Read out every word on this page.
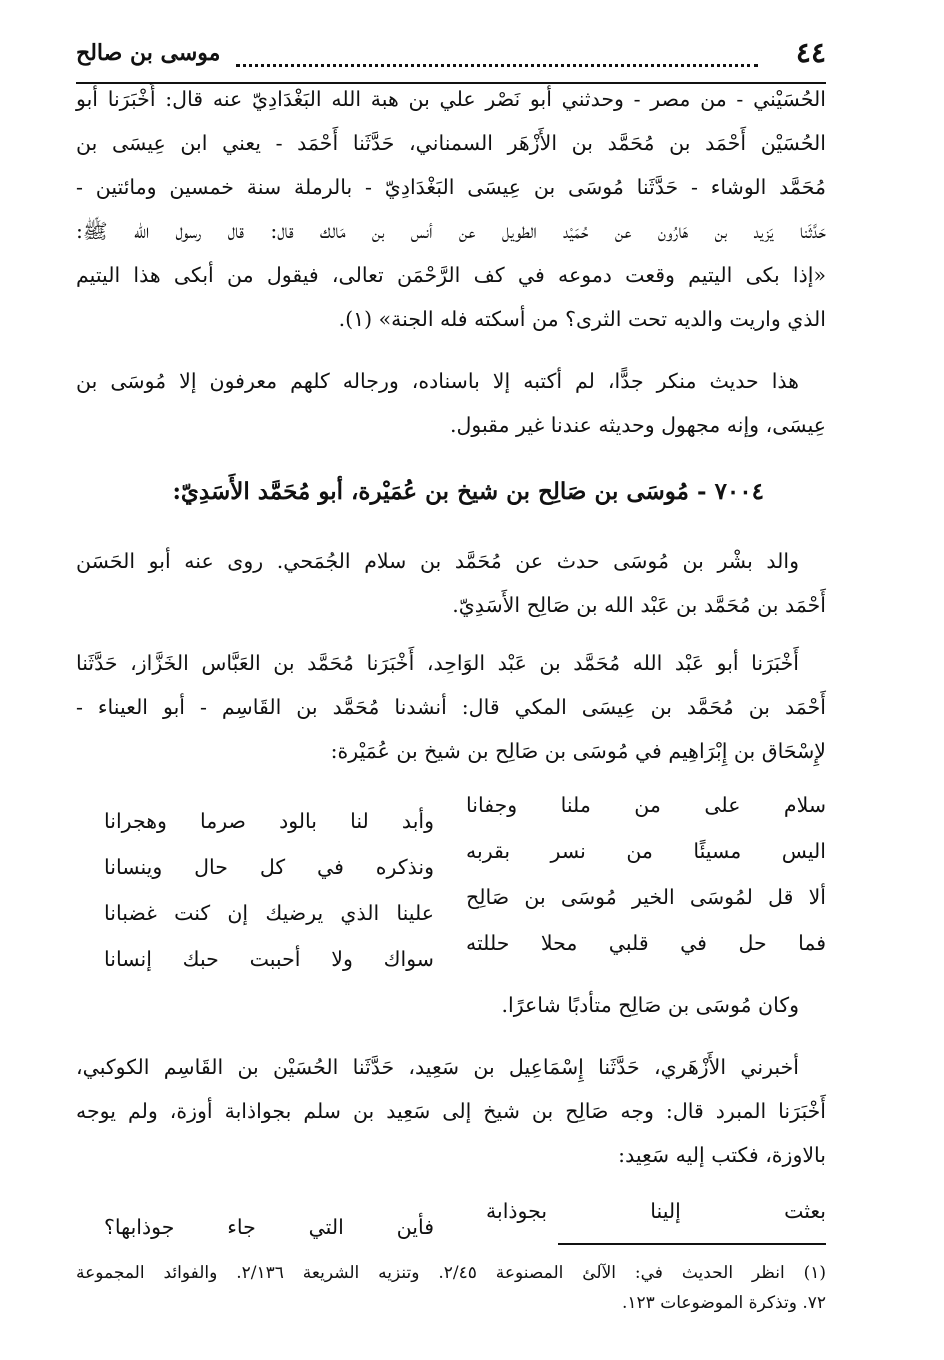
٤٤
موسى بن صالح
الحُسَيْني - من مصر - وحدثني أبو نَصْر علي بن هبة الله البَغْدَادِيّ عنه قال: أَخْبَرَنا أبو
الحُسَيْن أَحْمَد بن مُحَمَّد بن الأَزْهَر السمناني، حَدَّثَنا أَحْمَد - يعني ابن عِيسَى بن
مُحَمَّد الوشاء - حَدَّثَنا مُوسَى بن عِيسَى البَغْدَادِيّ - بالرملة سنة خمسين ومائتين -
حَدَّثَنا يَزيد بن هَارُون عن حُمَيْد الطويل عن أنس بن مَالك قال: قال رسول الله ﷺ:
«إذا بكى اليتيم وقعت دموعه في كف الرَّحْمَن تعالى، فيقول من أبكى هذا اليتيم
الذي واريت والديه تحت الثرى؟ من أسكته فله الجنة» (١).
هذا حديث منكر جدًّا، لم أكتبه إلا باسناده، ورجاله كلهم معرفون إلا مُوسَى بن
عِيسَى، وإنه مجهول وحديثه عندنا غير مقبول.
٧٠٠٤ - مُوسَى بن صَالِح بن شيخ بن عُمَيْرة، أبو مُحَمَّد الأَسَدِيّ:
والد بشْر بن مُوسَى حدث عن مُحَمَّد بن سلام الجُمَحي. روى عنه أبو الحَسَن
أَحْمَد بن مُحَمَّد بن عَبْد الله بن صَالِح الأَسَدِيّ.
أَخْبَرَنا أبو عَبْد الله مُحَمَّد بن عَبْد الوَاحِد، أَخْبَرَنا مُحَمَّد بن العَبَّاس الخَزَّاز، حَدَّثَنا
أَحْمَد بن مُحَمَّد بن عِيسَى المكي قال: أنشدنا مُحَمَّد بن القَاسِم - أبو العيناء -
لإِسْحَاق بن إِبْرَاهِيم في مُوسَى بن صَالِح بن شيخ بن عُمَيْرة:
سلام على من ملنا وجفانا
اليس مسيئًا من نسر بقربه
ألا قل لمُوسَى الخير مُوسَى بن صَالِح
فما حل في قلبي محلا حللته
وأبد لنا بالود صرما وهجرانا
ونذكره في كل حال وينسانا
علينا الذي يرضيك إن كنت غضبانا
سواك ولا أحببت حبك إنسانا
وكان مُوسَى بن صَالِح متأدبًا شاعرًا.
أخبرني الأَزْهَري، حَدَّثَنا إِسْمَاعِيل بن سَعِيد، حَدَّثَنا الحُسَيْن بن القَاسِم الكوكبي،
أَخْبَرَنا المبرد قال: وجه صَالِح بن شيخ إلى سَعِيد بن سلم بجواذابة أوزة، ولم يوجه
بالاوزة، فكتب إليه سَعِيد:
بعثت إلينا بجوذابة
فأين التي جاء جوذابها؟
(١) انظر الحديث في: الآلئ المصنوعة ٢/٤٥. وتنزيه الشريعة ٢/١٣٦. والفوائد المجموعة
٧٢. وتذكرة الموضوعات ١٢٣.
